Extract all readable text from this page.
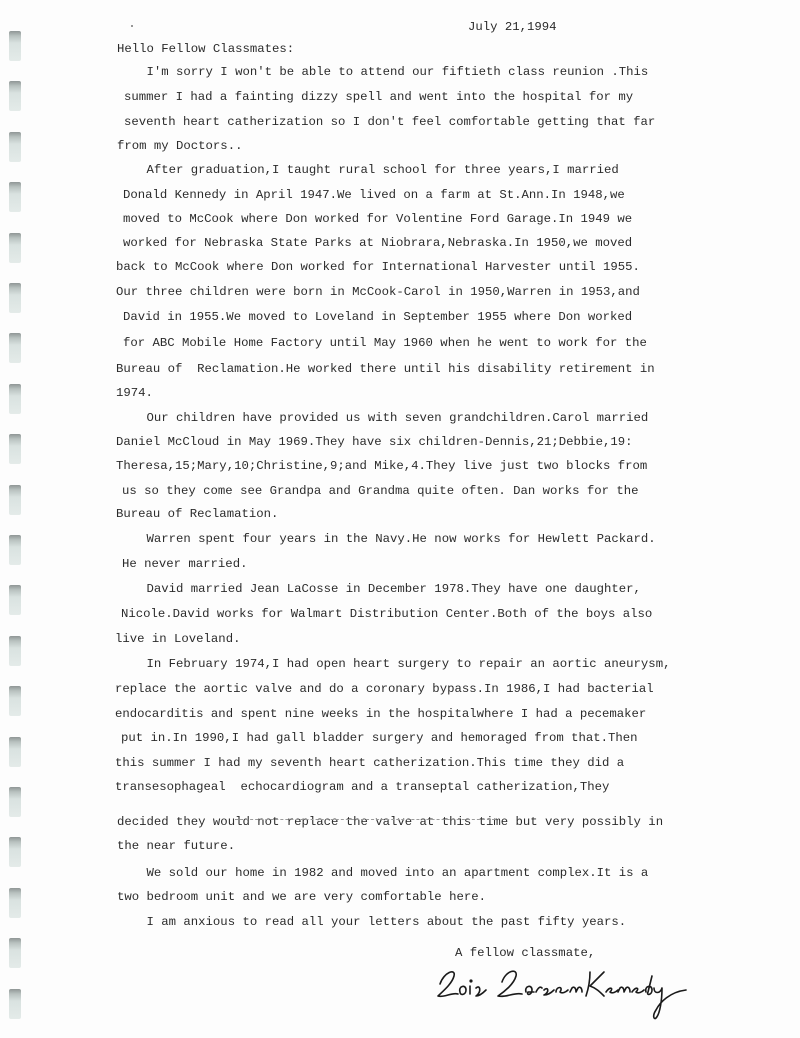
July 21,1994
Hello Fellow Classmates:
I'm sorry I won't be able to attend our fiftieth class reunion .This
summer I had a fainting dizzy spell and went into the hospital for my
seventh heart catherization so I don't feel comfortable getting that far
from my Doctors..
After graduation,I taught rural school for three years,I married
Donald Kennedy in April 1947.We lived on a farm at St.Ann.In 1948,we
moved to McCook where Don worked for Volentine Ford Garage.In 1949 we
worked for Nebraska State Parks at Niobrara,Nebraska.In 1950,we moved
back to McCook where Don worked for International Harvester until 1955.
Our three children were born in McCook-Carol in 1950,Warren in 1953,and
David in 1955.We moved to Loveland in September 1955 where Don worked
for ABC Mobile Home Factory until May 1960 when he went to work for the
Bureau of  Reclamation.He worked there until his disability retirement in
1974.
Our children have provided us with seven grandchildren.Carol married
Daniel McCloud in May 1969.They have six children-Dennis,21;Debbie,19:
Theresa,15;Mary,10;Christine,9;and Mike,4.They live just two blocks from
us so they come see Grandpa and Grandma quite often. Dan works for the
Bureau of Reclamation.
Warren spent four years in the Navy.He now works for Hewlett Packard.
He never married.
David married Jean LaCosse in December 1978.They have one daughter,
Nicole.David works for Walmart Distribution Center.Both of the boys also
live in Loveland.
In February 1974,I had open heart surgery to repair an aortic aneurysm,
replace the aortic valve and do a coronary bypass.In 1986,I had bacterial
endocarditis and spent nine weeks in the hospitalwhere I had a pecemaker
put in.In 1990,I had gall bladder surgery and hemoraged from that.Then
this summer I had my seventh heart catherization.This time they did a
transesophageal  echocardiogram and a transeptal catherization,They
decided they would not replace the valve at this time but very possibly in
the near future.
We sold our home in 1982 and moved into an apartment complex.It is a
two bedroom unit and we are very comfortable here.
I am anxious to read all your letters about the past fifty years.
A fellow classmate,
